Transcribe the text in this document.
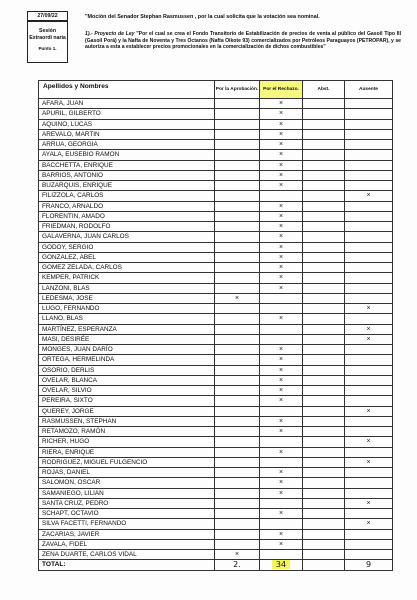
27/09/22
Sesión Extraordi naria
Punto 1.
"Moción del Senador Stephan Rasmussen , por la cual solicita que la votación sea nominal.
1).- Proyecto de Ley "Por el cual se crea el Fondo Transitorio de Estabilización de precios de venta al público del Gasoil Tipo III (Gasoil Porá) y la Nafta de Noventa y Tres Octanos (Nafta Oikote 93) comercializados por Petróleos Paraguayos (PETROPAR), y se autoriza a esta a establecer precios promocionales en la comercialización de dichos combustibles"
Apellidos y Nombres	Por la Aprobación.	Por el Rechazo.	Abst.	Ausente
AFARA, JUAN		×		
APURIL, GILBERTO		×		
AQUINO, LUCAS		×		
AREVALO, MARTIN		×		
ARRUA, GEORGIA		×		
AYALA, EUSEBIO RAMON		×		
BACCHETTA, ENRIQUE		×		
BARRIOS, ANTONIO		×		
BUZARQUIS, ENRIQUE		×		
FILIZZOLA, CARLOS				×
FRANCO, ARNALDO		×		
FLORENTIN, AMADO		×		
FRIEDMAN, RODOLFO		×		
GALAVERNA, JUAN CARLOS		×		
GODOY, SERGIO		×		
GONZALEZ, ABEL		×		
GOMEZ ZELADA, CARLOS		×		
KEMPER, PATRICK		×		
LANZONI, BLAS		×		
LEDESMA, JOSE	×			
LUGO, FERNANDO				×
LLANO, BLAS		×		
MARTÍNEZ, ESPERANZA				×
MASI, DESIRÉE				×
MONGES, JUAN DARÍO		×		
ORTEGA, HERMELINDA		×		
OSORIO, DERLIS		×		
OVELAR, BLANCA		×		
OVELAR, SILVIO		×		
PEREIRA, SIXTO		×		
QUEREY, JORGE				×
RASMUSSEN, STEPHAN		×		
RETAMOZO, RAMÓN		×		
RICHER, HUGO				×
RIERA, ENRIQUE		×		
RODRIGUEZ, MIGUEL FULGENCIO				×
ROJAS, DANIEL		×		
SALOMON, OSCAR		×		
SAMANIEGO, LILIAN		×		
SANTA CRUZ, PEDRO				×
SCHAPT, OCTAVIO		×		
SILVA FACETTI, FERNANDO				×
ZACARIAS, JAVIER		×		
ZAVALA, FIDEL		×		
ZENA DUARTE, CARLOS VIDAL	×			
TOTAL:	2.	34		9
